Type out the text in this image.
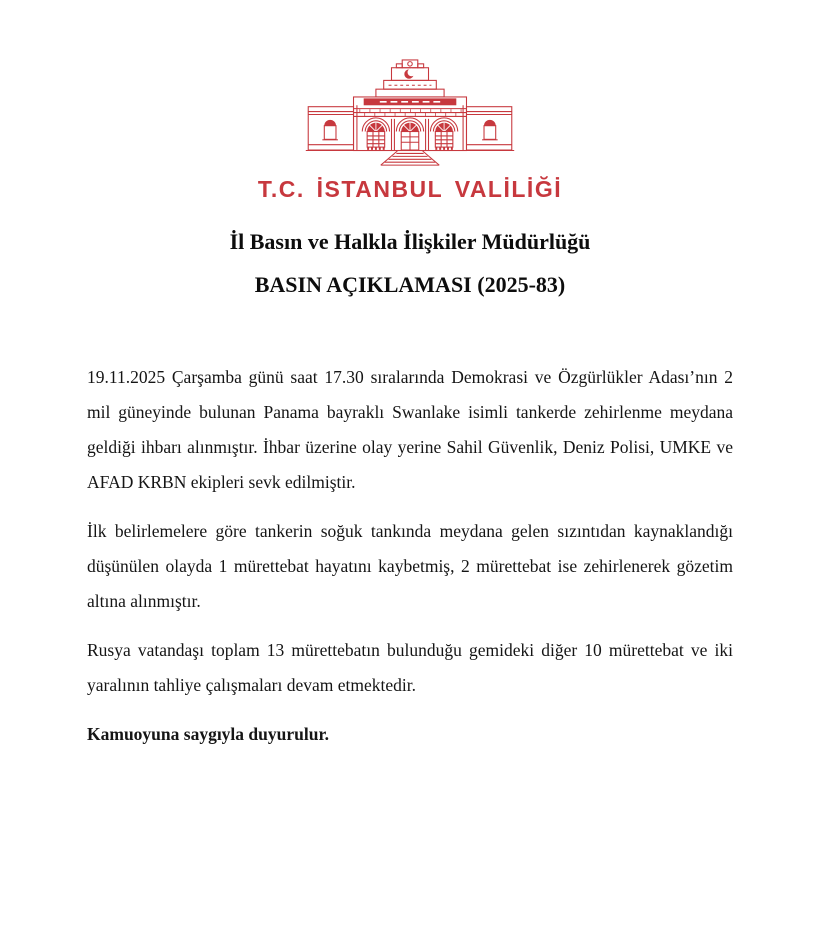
T.C. İSTANBUL VALİLİĞİ
İl Basın ve Halkla İlişkiler Müdürlüğü
BASIN AÇIKLAMASI (2025-83)

19.11.2025 Çarşamba günü saat 17.30 sıralarında Demokrasi ve Özgürlükler Adası’nın 2 mil güneyinde bulunan Panama bayraklı Swanlake isimli tankerde zehirlenme meydana geldiği ihbarı alınmıştır. İhbar üzerine olay yerine Sahil Güvenlik, Deniz Polisi, UMKE ve AFAD KRBN ekipleri sevk edilmiştir.

İlk belirlemelere göre tankerin soğuk tankında meydana gelen sızıntıdan kaynaklandığı düşünülen olayda 1 mürettebat hayatını kaybetmiş, 2 mürettebat ise zehirlenerek gözetim altına alınmıştır.

Rusya vatandaşı toplam 13 mürettebatın bulunduğu gemideki diğer 10 mürettebat ve iki yaralının tahliye çalışmaları devam etmektedir.

Kamuoyuna saygıyla duyurulur.
